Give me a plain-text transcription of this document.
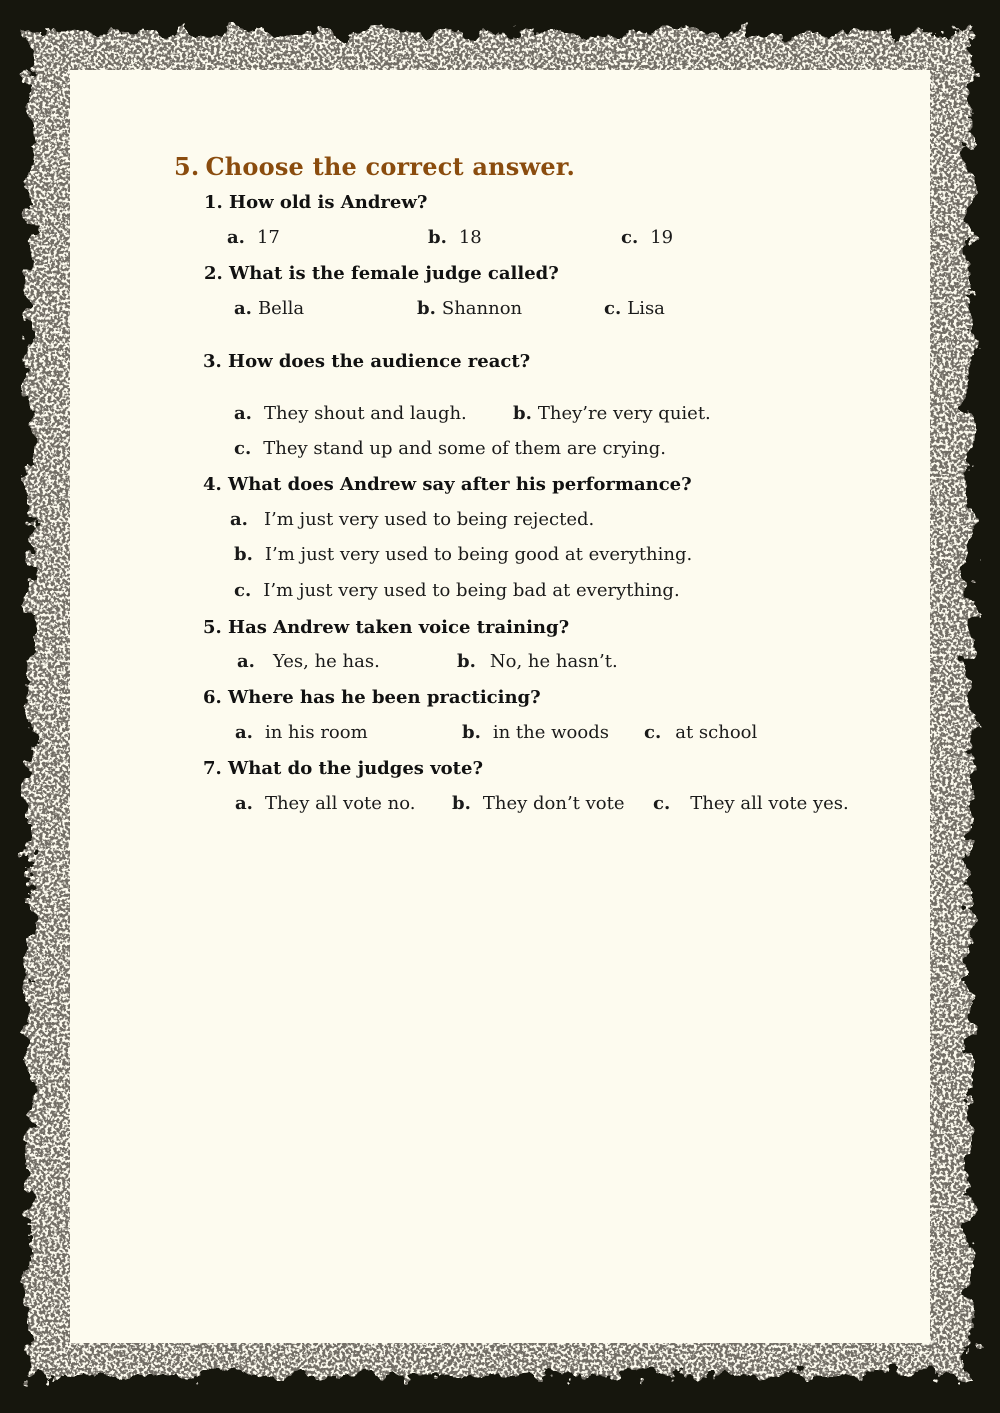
5. Choose the correct answer.
1. How old is Andrew?
a. 17	b. 18	c. 19
2. What is the female judge called?
a. Bella	b. Shannon	c. Lisa
3. How does the audience react?
a. They shout and laugh.	b. They’re very quiet.
c. They stand up and some of them are crying.
4. What does Andrew say after his performance?
a. I’m just very used to being rejected.
b. I’m just very used to being good at everything.
c. I’m just very used to being bad at everything.
5. Has Andrew taken voice training?
a. Yes, he has.	b. No, he hasn’t.
6. Where has he been practicing?
a. in his room	b. in the woods c. at school
7. What do the judges vote?
a. They all vote no. b. They don’t vote c. They all vote yes.
